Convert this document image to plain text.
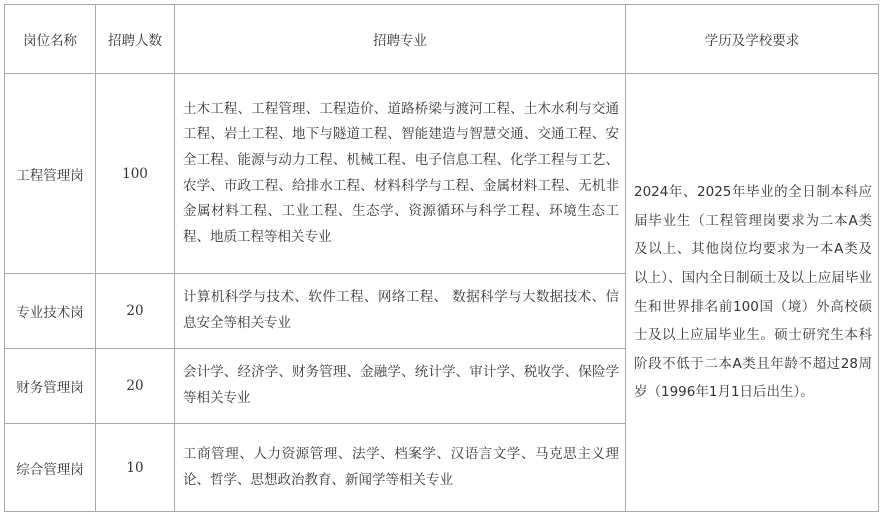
岗位名称	招聘人数	招聘专业	学历及学校要求
工程管理岗	100	土木工程、工程管理、工程造价、道路桥梁与渡河工程、土木水利与交通工程、岩土工程、地下与隧道工程、智能建造与智慧交通、交通工程、安全工程、能源与动力工程、机械工程、电子信息工程、化学工程与工艺、农学、市政工程、给排水工程、材料科学与工程、金属材料工程、无机非金属材料工程、工业工程、生态学、资源循环与科学工程、环境生态工程、地质工程等相关专业	2024年、2025年毕业的全日制本科应届毕业生（工程管理岗要求为二本A类及以上、其他岗位均要求为一本A类及以上）、国内全日制硕士及以上应届毕业生和世界排名前100国（境）外高校硕士及以上应届毕业生。硕士研究生本科阶段不低于二本A类且年龄不超过28周岁（1996年1月1日后出生）。
专业技术岗	20	计算机科学与技术、软件工程、网络工程、 数据科学与大数据技术、信息安全等相关专业	
财务管理岗	20	会计学、经济学、财务管理、金融学、统计学、审计学、税收学、保险学等相关专业	
综合管理岗	10	工商管理、人力资源管理、法学、档案学、汉语言文学、马克思主义理论、哲学、思想政治教育、新闻学等相关专业	
